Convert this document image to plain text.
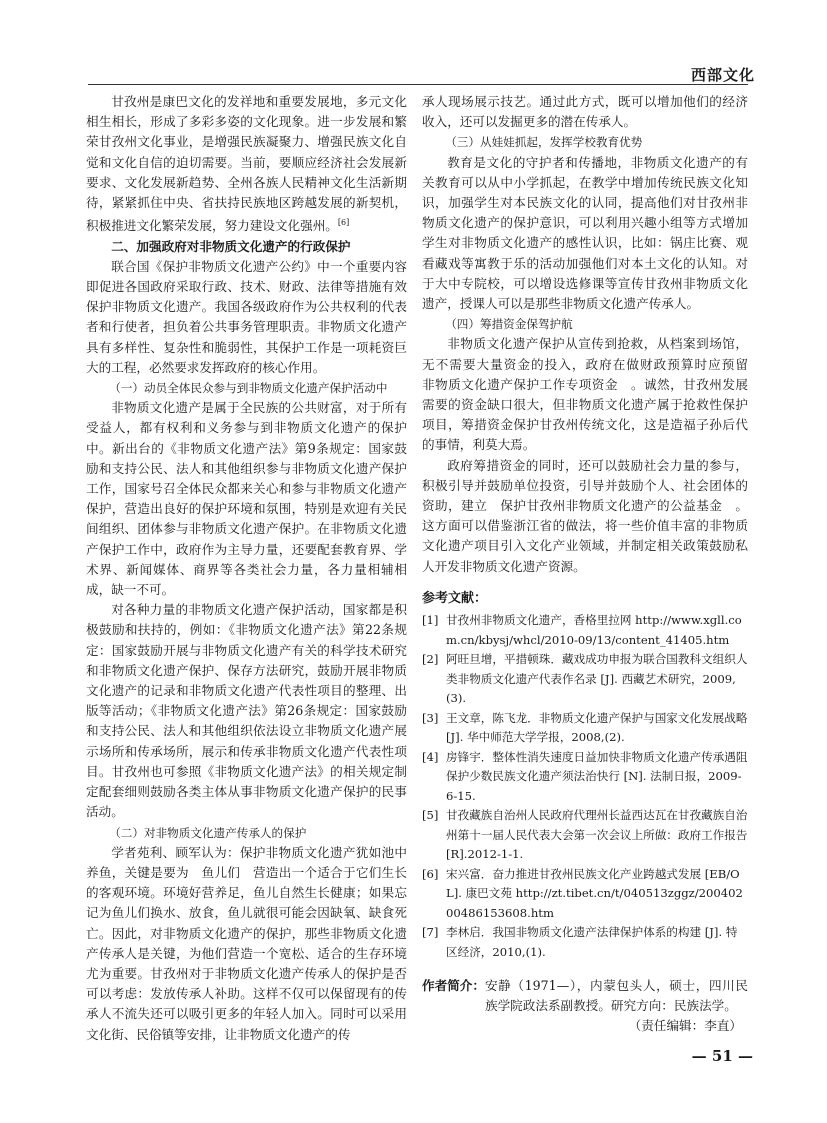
西部文化

甘孜州是康巴文化的发祥地和重要发展地，多元文化相生相长，形成了多彩多姿的文化现象。进一步发展和繁荣甘孜州文化事业，是增强民族凝聚力、增强民族文化自觉和文化自信的迫切需要。当前，要顺应经济社会发展新要求、文化发展新趋势、全州各族人民精神文化生活新期待，紧紧抓住中央、省扶持民族地区跨越发展的新契机，积极推进文化繁荣发展，努力建设文化强州。[6]

二、加强政府对非物质文化遗产的行政保护

联合国《保护非物质文化遗产公约》中一个重要内容即促进各国政府采取行政、技术、财政、法律等措施有效保护非物质文化遗产。我国各级政府作为公共权利的代表者和行使者，担负着公共事务管理职责。非物质文化遗产具有多样性、复杂性和脆弱性，其保护工作是一项耗资巨大的工程，必然要求发挥政府的核心作用。

（一）动员全体民众参与到非物质文化遗产保护活动中

非物质文化遗产是属于全民族的公共财富，对于所有受益人，都有权利和义务参与到非物质文化遗产的保护中。新出台的《非物质文化遗产法》第9条规定：国家鼓励和支持公民、法人和其他组织参与非物质文化遗产保护工作，国家号召全体民众都来关心和参与非物质文化遗产保护，营造出良好的保护环境和氛围，特别是欢迎有关民间组织、团体参与非物质文化遗产保护。在非物质文化遗产保护工作中，政府作为主导力量，还要配套教育界、学术界、新闻媒体、商界等各类社会力量，各力量相辅相成，缺一不可。

对各种力量的非物质文化遗产保护活动，国家都是积极鼓励和扶持的，例如：《非物质文化遗产法》第22条规定：国家鼓励开展与非物质文化遗产有关的科学技术研究和非物质文化遗产保护、保存方法研究，鼓励开展非物质文化遗产的记录和非物质文化遗产代表性项目的整理、出版等活动；《非物质文化遗产法》第26条规定：国家鼓励和支持公民、法人和其他组织依法设立非物质文化遗产展示场所和传承场所，展示和传承非物质文化遗产代表性项目。甘孜州也可参照《非物质文化遗产法》的相关规定制定配套细则鼓励各类主体从事非物质文化遗产保护的民事活动。

（二）对非物质文化遗产传承人的保护

学者苑利、顾军认为：保护非物质文化遗产犹如池中养鱼，关键是要为　鱼儿们　营造出一个适合于它们生长的客观环境。环境好营养足，鱼儿自然生长健康；如果忘记为鱼儿们换水、放食，鱼儿就很可能会因缺氧、缺食死亡。因此，对非物质文化遗产的保护，那些非物质文化遗产传承人是关键，为他们营造一个宽松、适合的生存环境尤为重要。甘孜州对于非物质文化遗产传承人的保护是否可以考虑：发放传承人补助。这样不仅可以保留现有的传承人不流失还可以吸引更多的年轻人加入。同时可以采用文化街、民俗镇等安排，让非物质文化遗产的传

承人现场展示技艺。通过此方式，既可以增加他们的经济收入，还可以发掘更多的潜在传承人。

（三）从娃娃抓起，发挥学校教育优势

教育是文化的守护者和传播地，非物质文化遗产的有关教育可以从中小学抓起，在教学中增加传统民族文化知识，加强学生对本民族文化的认同，提高他们对甘孜州非物质文化遗产的保护意识，可以利用兴趣小组等方式增加学生对非物质文化遗产的感性认识，比如：锅庄比赛、观看藏戏等寓教于乐的活动加强他们对本土文化的认知。对于大中专院校，可以增设选修课等宣传甘孜州非物质文化遗产，授课人可以是那些非物质文化遗产传承人。

（四）筹措资金保驾护航

非物质文化遗产保护从宣传到抢救，从档案到场馆，无不需要大量资金的投入，政府在做财政预算时应预留　非物质文化遗产保护工作专项资金　。诚然，甘孜州发展需要的资金缺口很大，但非物质文化遗产属于抢救性保护项目，筹措资金保护甘孜州传统文化，这是造福子孙后代的事情，利莫大焉。

政府筹措资金的同时，还可以鼓励社会力量的参与，积极引导并鼓励单位投资，引导并鼓励个人、社会团体的资助，建立　保护甘孜州非物质文化遗产的公益基金　。这方面可以借鉴浙江省的做法，将一些价值丰富的非物质文化遗产项目引入文化产业领域，并制定相关政策鼓励私人开发非物质文化遗产资源。

参考文献：
[1] 甘孜州非物质文化遗产，香格里拉网 http://www.xgll.com.cn/kbysj/whcl/2010-09/13/content_41405.htm
[2] 阿旺旦增，平措顿珠．藏戏成功申报为联合国教科文组织人类非物质文化遗产代表作名录 [J]. 西藏艺术研究，2009,(3).
[3] 王文章，陈飞龙．非物质文化遗产保护与国家文化发展战略 [J]. 华中师范大学学报，2008,(2).
[4] 房锋宇．整体性消失速度日益加快非物质文化遗产传承遇阻保护少数民族文化遗产须法治快行 [N]. 法制日报，2009-6-15.
[5] 甘孜藏族自治州人民政府代理州长益西达瓦在甘孜藏族自治州第十一届人民代表大会第一次会议上所做：政府工作报告 [R].2012-1-1.
[6] 宋兴富．奋力推进甘孜州民族文化产业跨越式发展 [EB/OL]. 康巴文苑 http://zt.tibet.cn/t/040513zggz/20040200486153608.htm
[7] 李林启．我国非物质文化遗产法律保护体系的构建 [J]. 特区经济，2010,(1).
作者简介： 安静（1971—），内蒙包头人，硕士，四川民族学院政法系副教授。研究方向：民族法学。
（责任编辑：李直）
— 51 —
